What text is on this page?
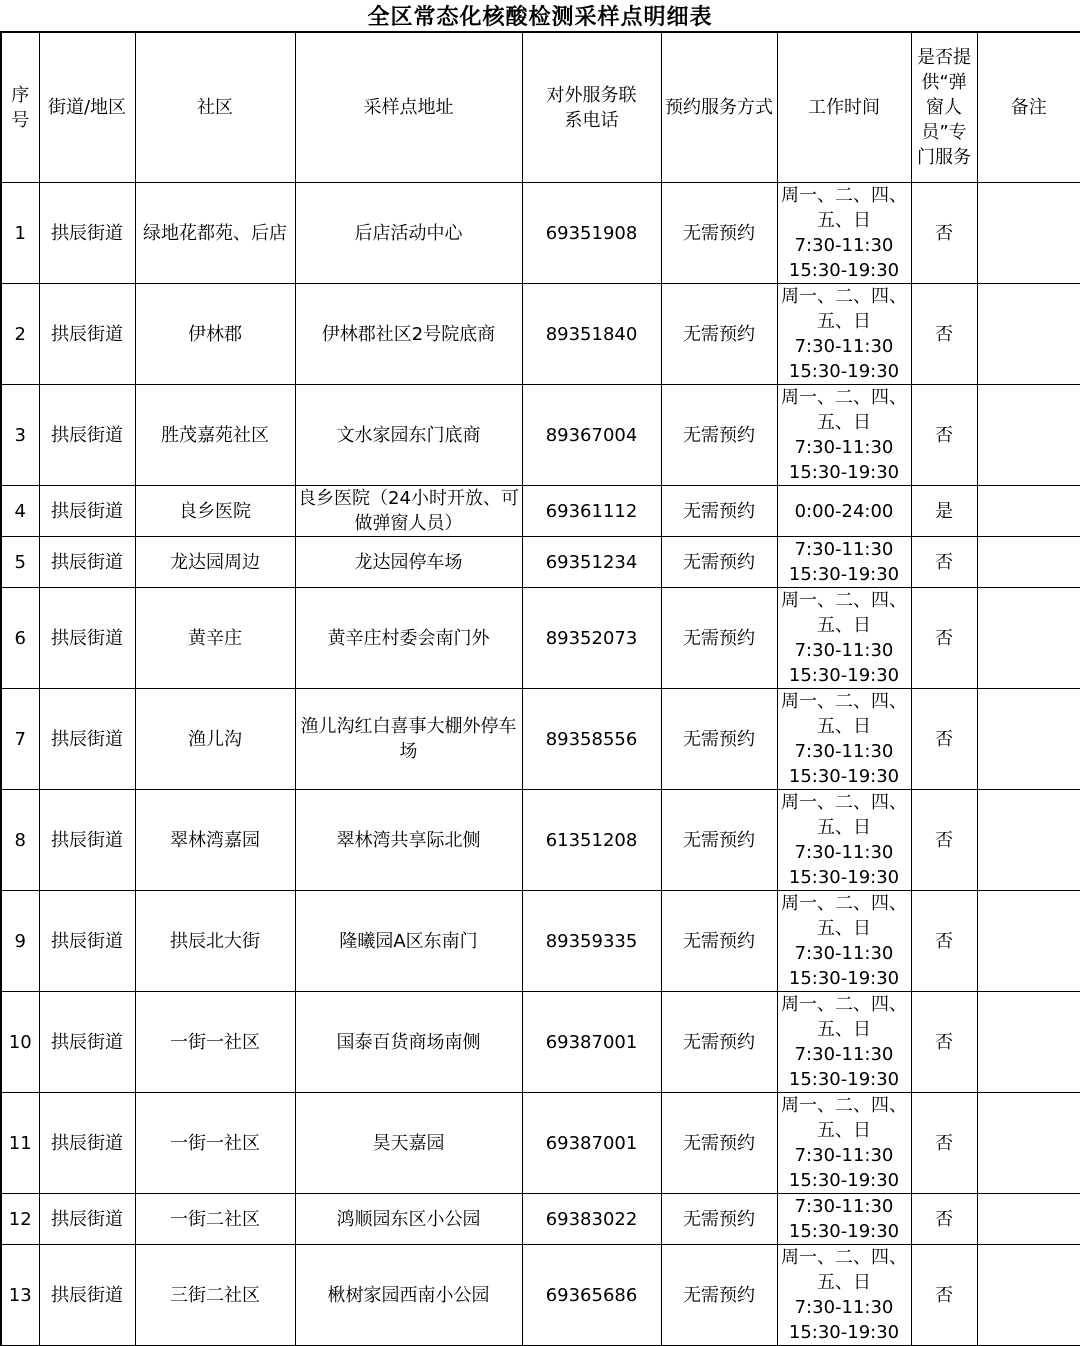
全区常态化核酸检测采样点明细表
序号	街道/地区	社区	采样点地址	对外服务联系电话	预约服务方式	工作时间	是否提供“弹窗人员”专门服务	备注
1	拱辰街道	绿地花都苑、后店	后店活动中心	69351908	无需预约	周一、二、四、五、日
7:30-11:30
15:30-19:30	否	
2	拱辰街道	伊林郡	伊林郡社区2号院底商	89351840	无需预约	周一、二、四、五、日
7:30-11:30
15:30-19:30	否	
3	拱辰街道	胜茂嘉苑社区	文水家园东门底商	89367004	无需预约	周一、二、四、五、日
7:30-11:30
15:30-19:30	否	
4	拱辰街道	良乡医院	良乡医院（24小时开放、可做弹窗人员）	69361112	无需预约	0:00-24:00	是	
5	拱辰街道	龙达园周边	龙达园停车场	69351234	无需预约	7:30-11:30
15:30-19:30	否	
6	拱辰街道	黄辛庄	黄辛庄村委会南门外	89352073	无需预约	周一、二、四、五、日
7:30-11:30
15:30-19:30	否	
7	拱辰街道	渔儿沟	渔儿沟红白喜事大棚外停车场	89358556	无需预约	周一、二、四、五、日
7:30-11:30
15:30-19:30	否	
8	拱辰街道	翠林湾嘉园	翠林湾共享际北侧	61351208	无需预约	周一、二、四、五、日
7:30-11:30
15:30-19:30	否	
9	拱辰街道	拱辰北大街	隆曦园A区东南门	89359335	无需预约	周一、二、四、五、日
7:30-11:30
15:30-19:30	否	
10	拱辰街道	一街一社区	国泰百货商场南侧	69387001	无需预约	周一、二、四、五、日
7:30-11:30
15:30-19:30	否	
11	拱辰街道	一街一社区	昊天嘉园	69387001	无需预约	周一、二、四、五、日
7:30-11:30
15:30-19:30	否	
12	拱辰街道	一街二社区	鸿顺园东区小公园	69383022	无需预约	7:30-11:30
15:30-19:30	否	
13	拱辰街道	三街二社区	楸树家园西南小公园	69365686	无需预约	周一、二、四、五、日
7:30-11:30
15:30-19:30	否	
